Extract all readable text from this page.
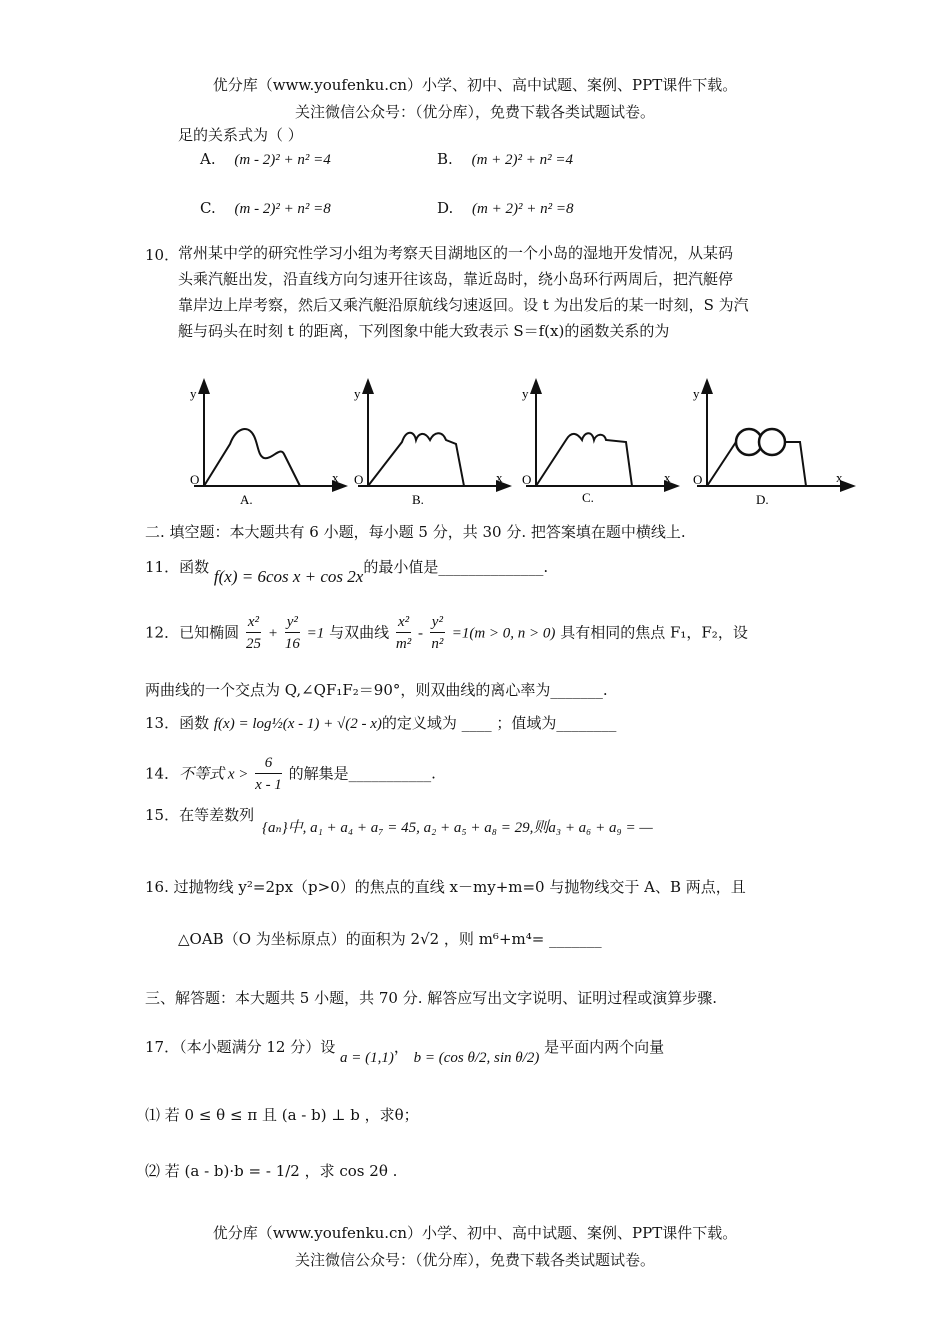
优分库（www.youfenku.cn）小学、初中、高中试题、案例、PPT课件下载。
关注微信公众号：（优分库），免费下载各类试题试卷。
足的关系式为（ ）
A. (m - 2)² + n² =4	B. (m + 2)² + n² =4
C. (m - 2)² + n² =8	D. (m + 2)² + n² =8
10．
常州某中学的研究性学习小组为考察天目湖地区的一个小岛的湿地开发情况，从某码
头乘汽艇出发，沿直线方向匀速开往该岛，靠近岛时，绕小岛环行两周后，把汽艇停
靠岸边上岸考察，然后又乘汽艇沿原航线匀速返回。设 t 为出发后的某一时刻，S 为汽
艇与码头在时刻 t 的距离，下列图象中能大致表示 S＝f(x)的函数关系的为
y
x
O
A.
y
x
O
B.
y
x
O
C.
y
x
O
D.
二. 填空题：本大题共有 6 小题，每小题 5 分，共 30 分. 把答案填在题中横线上.
11．函数 f(x) = 6cos x + cos 2x的最小值是______________.
12．已知椭圆 $\frac{\text{x²}}{25} + \frac{\text{y²}}{16} =1$ 与双曲线 $\frac{\text{x²}}{\text{m²}} - \frac{\text{y²}}{\text{n²}} =1(m > 0$, n > 0) 具有相同的焦点 F₁，F₂，设
两曲线的一个交点为 Q,∠QF₁F₂＝90°，则双曲线的离心率为_______.
13．函数 f(x) = log½(x - 1) + √(2 - x)的定义域为 ____ ；值域为________
14．不等式 $x > \frac{6}{x - 1}$ 的解集是___________.
15．在等差数列
{aₙ}中, a₁ + a₄ + a₇ = 45, a₂ + a₅ + a₈ = 29,则a₃ + a₆ + a₉ = —
16. 过抛物线 y²=2px（p>0）的焦点的直线 x－my+m=0 与抛物线交于 A、B 两点，且
△OAB（O 为坐标原点）的面积为 2√2 ，则 m⁶+m⁴= _______
三、解答题：本大题共 5 小题，共 70 分. 解答应写出文字说明、证明过程或演算步骤.
17．（本小题满分 12 分）设 a = (1,1)， b = (cos θ/2, sin θ/2) 是平面内两个向量
⑴ 若 0 ≤ θ ≤ π 且 (a - b) ⊥ b ，求θ；
⑵ 若 (a - b)·b = - 1/2 ，求 cos 2θ .
优分库（www.youfenku.cn）小学、初中、高中试题、案例、PPT课件下载。
关注微信公众号：（优分库），免费下载各类试题试卷。
